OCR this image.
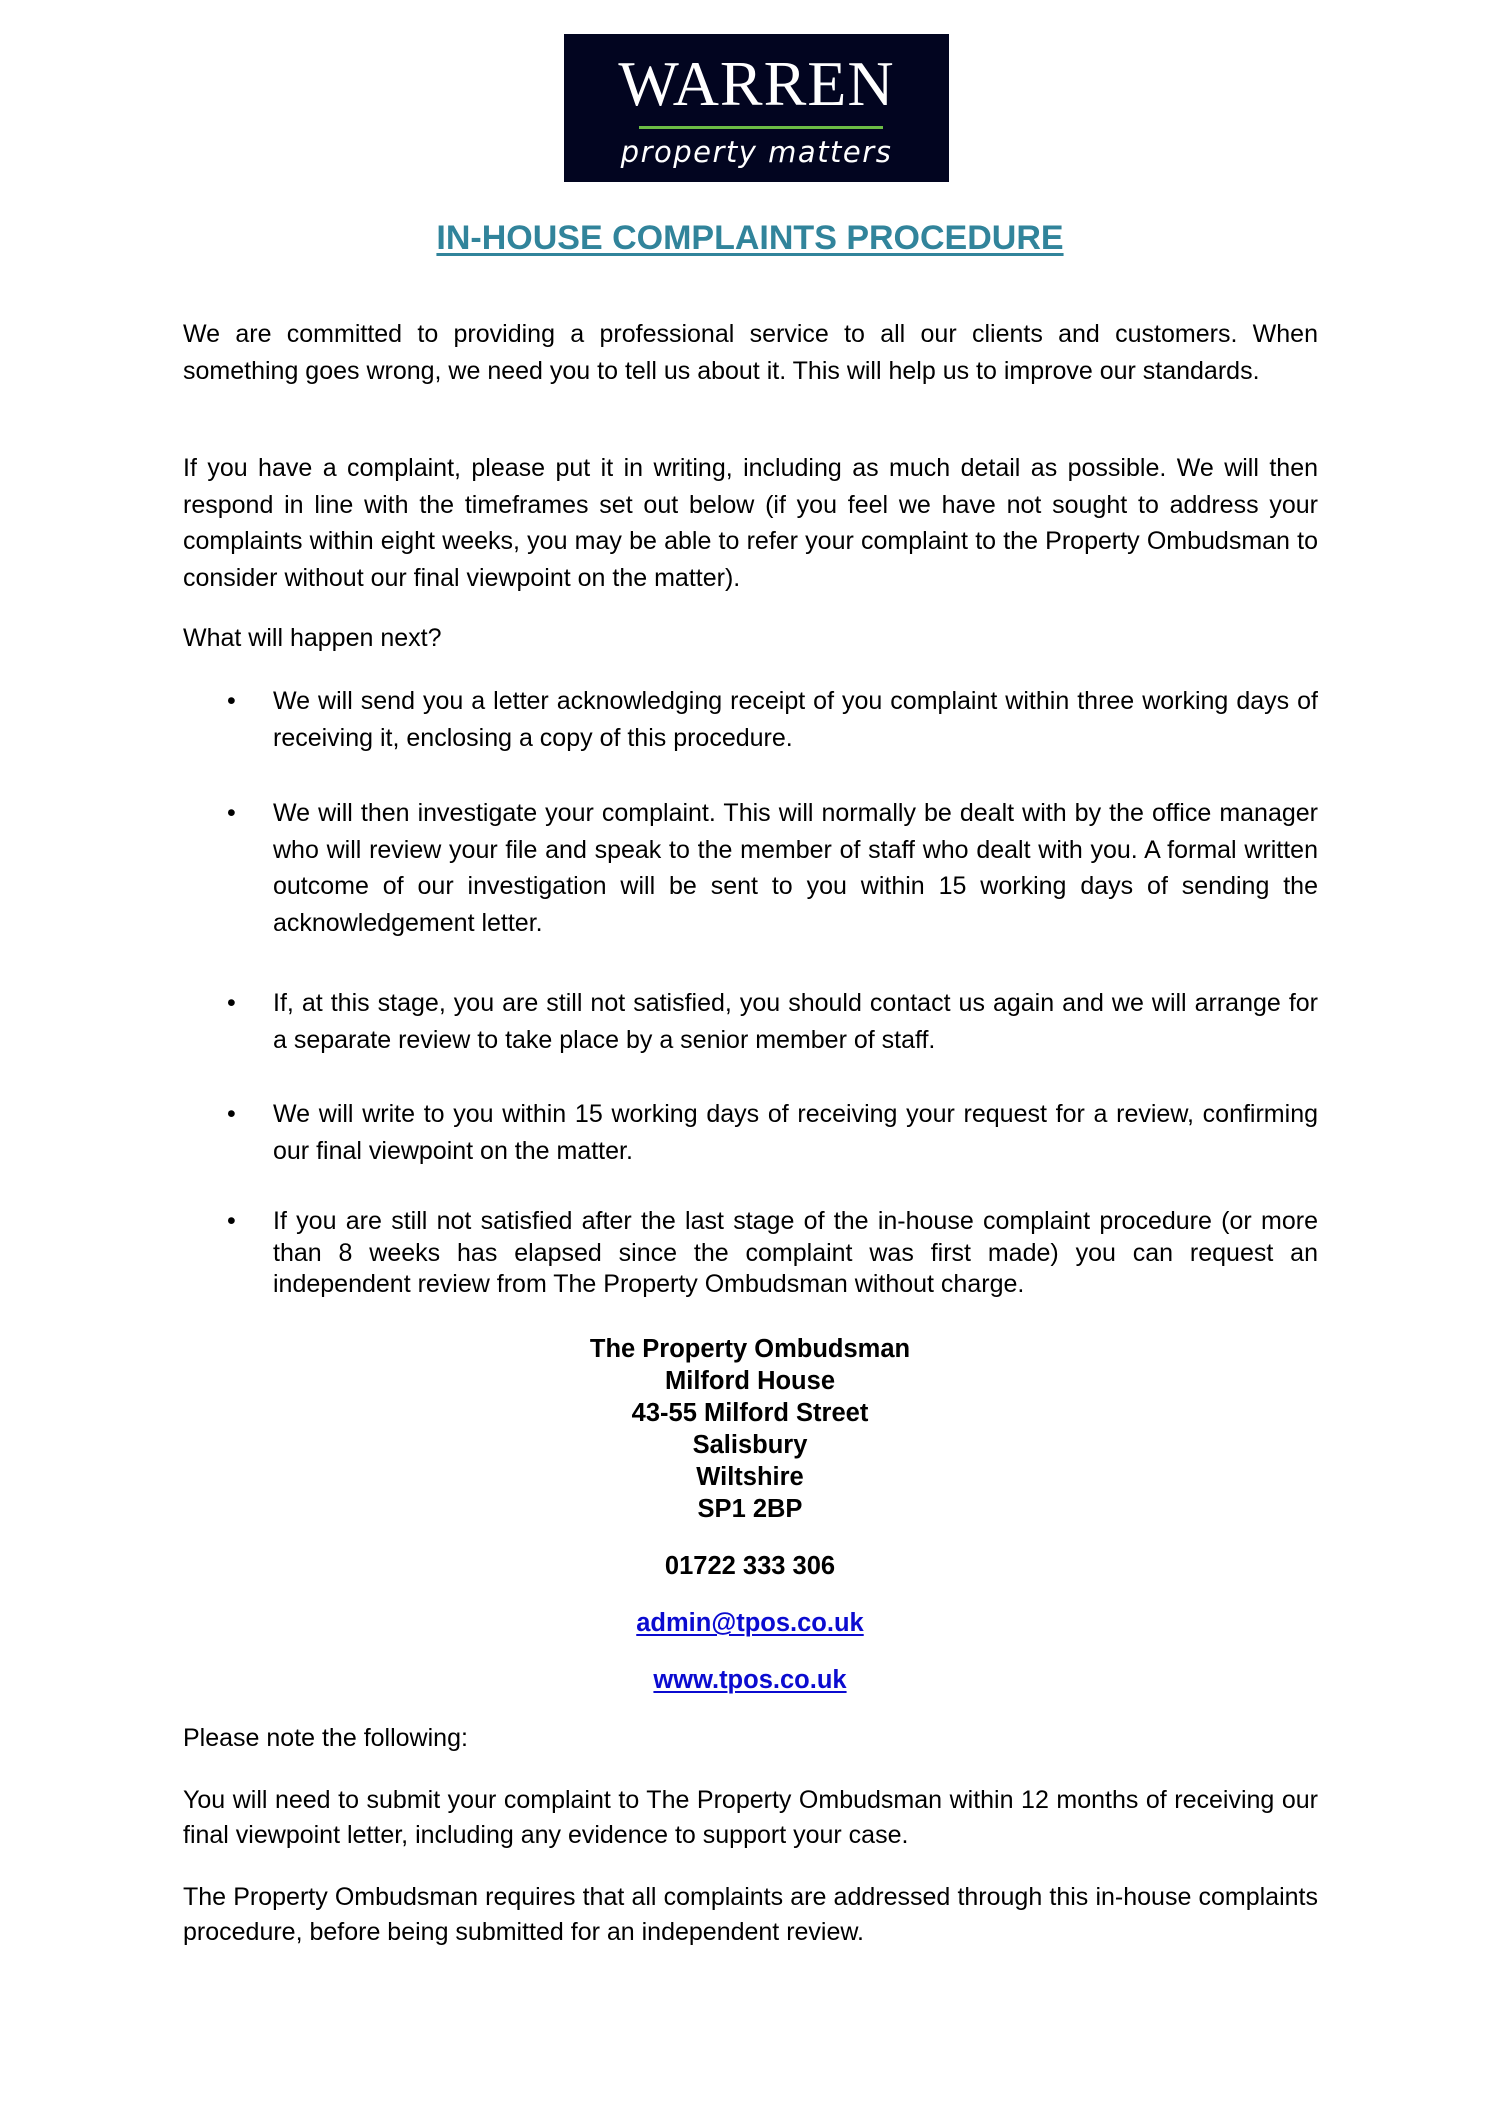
WARREN
property matters
IN-HOUSE COMPLAINTS PROCEDURE

We are committed to providing a professional service to all our clients and customers. When something goes wrong, we need you to tell us about it. This will help us to improve our standards.

If you have a complaint, please put it in writing, including as much detail as possible. We will then respond in line with the timeframes set out below (if you feel we have not sought to address your complaints within eight weeks, you may be able to refer your complaint to the Property Ombudsman to consider without our final viewpoint on the matter).

What will happen next?

• We will send you a letter acknowledging receipt of you complaint within three working days of receiving it, enclosing a copy of this procedure.
• We will then investigate your complaint. This will normally be dealt with by the office manager who will review your file and speak to the member of staff who dealt with you. A formal written outcome of our investigation will be sent to you within 15 working days of sending the acknowledgement letter.
• If, at this stage, you are still not satisfied, you should contact us again and we will arrange for a separate review to take place by a senior member of staff.
• We will write to you within 15 working days of receiving your request for a review, confirming our final viewpoint on the matter.
• If you are still not satisfied after the last stage of the in-house complaint procedure (or more than 8 weeks has elapsed since the complaint was first made) you can request an independent review from The Property Ombudsman without charge.
The Property Ombudsman
Milford House
43-55 Milford Street
Salisbury
Wiltshire
SP1 2BP
01722 333 306
admin@tpos.co.uk
www.tpos.co.uk

Please note the following:

You will need to submit your complaint to The Property Ombudsman within 12 months of receiving our final viewpoint letter, including any evidence to support your case.

The Property Ombudsman requires that all complaints are addressed through this in-house complaints procedure, before being submitted for an independent review.
